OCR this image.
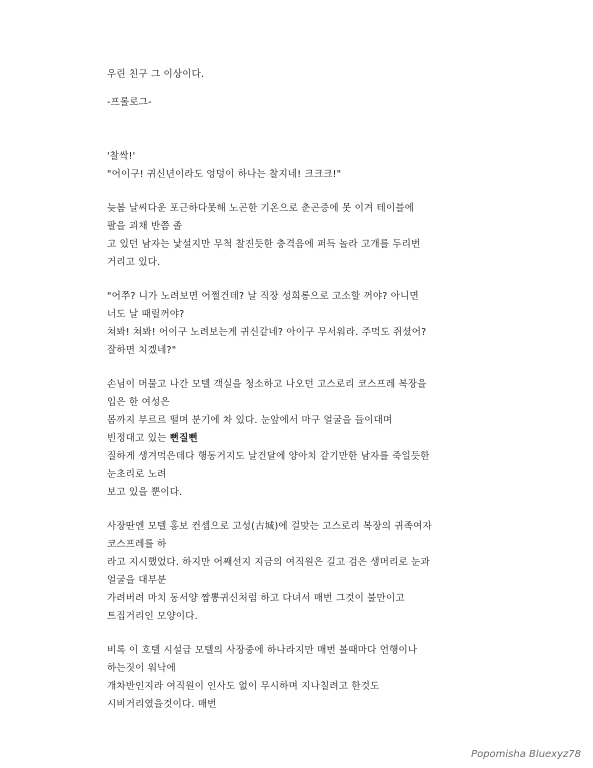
우린 친구 그 이상이다.
-프롤로그-
'찰싹!'
"어이구! 귀신년이라도 엉덩이 하나는 찰지네! 크크크!"
늦봄 날씨다운 포근하다못해 노곤한 기온으로 춘곤증에 못 이겨 테이블에
팔을 괴채 반쯤 졸
고 있던 남자는 낯설지만 무척 찰진듯한 충격음에 퍼득 놀라 고개를 두리번
거리고 있다.
"어쭈? 니가 노려보면 어쩔건데? 날 직장 성희롱으로 고소할 꺼야? 아니면
너도 날 때릴꺼야?
쳐봐! 쳐봐! 어이구 노려보는게 귀신같네? 아이구 무서워라. 주먹도 쥐셨어?
잘하면 치겠네?"
손님이 머물고 나간 모텔 객실을 청소하고 나오던 고스로리 코스프레 복장을
입은 한 여성은
몸까지 부르르 떨며 분기에 차 있다. 눈앞에서 마구 얼굴을 들이대며
빈정대고 있는 뻔질뻔
질하게 생겨먹은데다 행동거지도 날건달에 양아치 같기만한 남자를 죽일듯한
눈초리로 노려
보고 있을 뿐이다.
사장딴엔 모텔 홍보 컨셉으로 고성(古城)에 걸맞는 고스로리 복장의 귀족여자
코스프레를 하
라고 지시했었다. 하지만 어째선지 지금의 여직원은 길고 검은 생머리로 눈과
얼굴을 대부분
가려버려 마치 동서양 짬뽕귀신처럼 하고 다녀서 매번 그것이 불만이고
트집거리인 모양이다.
비록 이 호텔 시설급 모텔의 사장중에 하나라지만 매번 볼때마다 언행이나
하는짓이 워낙에
개차반인지라 여직원이 인사도 없이 무시하며 지나칠려고 한것도
시비거리였을것이다. 매번
Popomisha Bluexyz78
